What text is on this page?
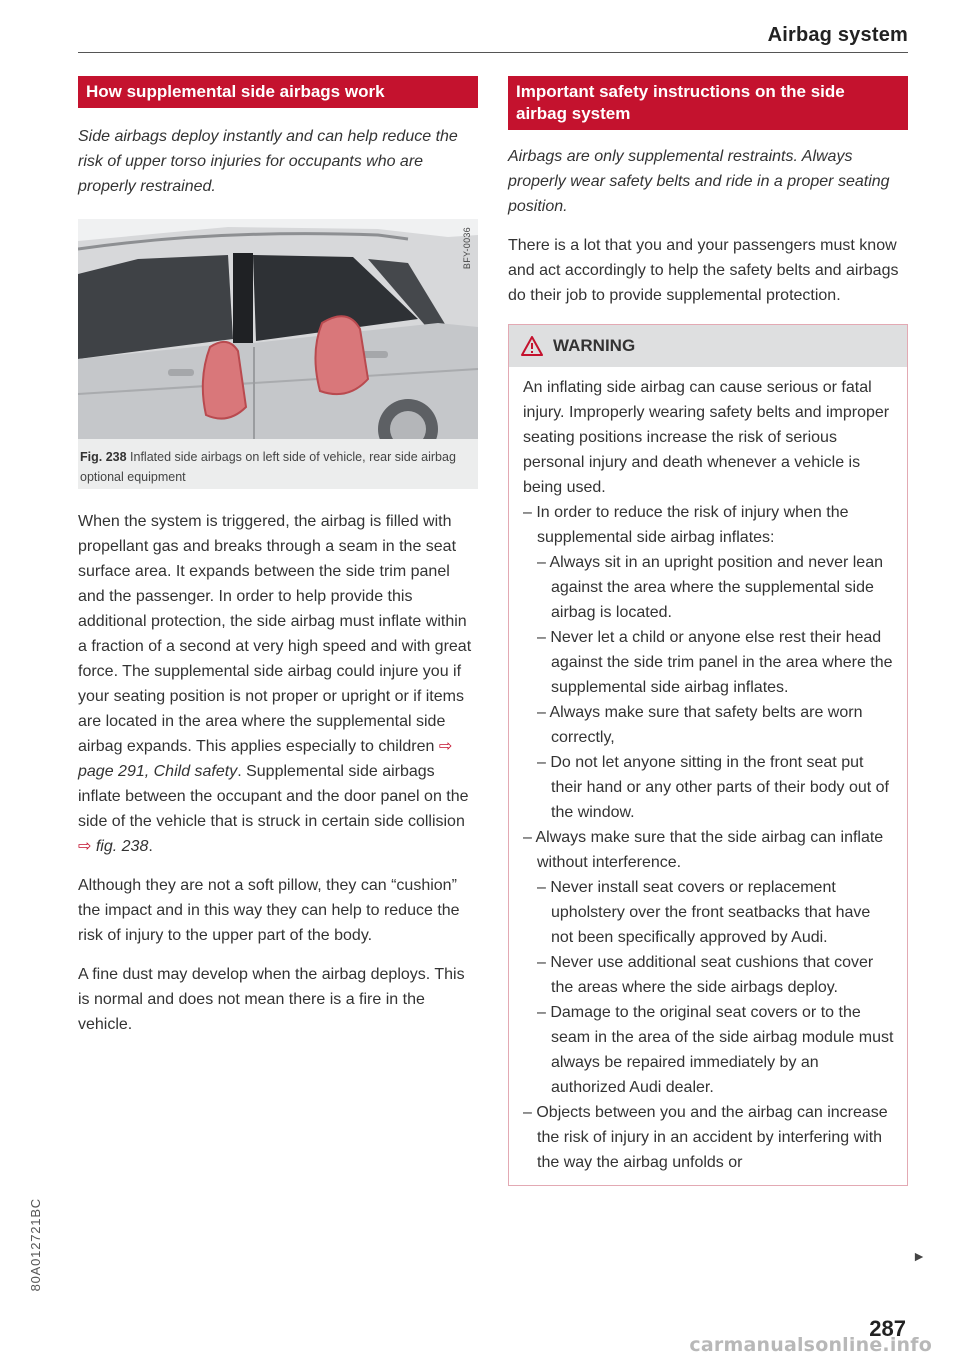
Airbag system
How supplemental side airbags work

Side airbags deploy instantly and can help reduce the risk of upper torso injuries for occupants who are properly restrained.

BFY-0036
Fig. 238 Inflated side airbags on left side of vehicle, rear side airbag optional equipment

When the system is triggered, the airbag is filled with propellant gas and breaks through a seam in the seat surface area. It expands between the side trim panel and the passenger. In order to help provide this additional protection, the side airbag must inflate within a fraction of a second at very high speed and with great force. The supplemental side airbag could injure you if your seating position is not proper or upright or if items are located in the area where the supplemental side airbag expands. This applies especially to children ⇨ page 291, Child safety. Supplemental side airbags inflate between the occupant and the door panel on the side of the vehicle that is struck in certain side collision ⇨ fig. 238.

Although they are not a soft pillow, they can “cushion” the impact and in this way they can help to reduce the risk of injury to the upper part of the body.

A fine dust may develop when the airbag deploys. This is normal and does not mean there is a fire in the vehicle.

Important safety instructions on the side airbag system

Airbags are only supplemental restraints. Always properly wear safety belts and ride in a proper seating position.

There is a lot that you and your passengers must know and act accordingly to help the safety belts and airbags do their job to provide supplemental protection.

WARNING

An inflating side airbag can cause serious or fatal injury. Improperly wearing safety belts and improper seating positions increase the risk of serious personal injury and death whenever a vehicle is being used.

– In order to reduce the risk of injury when the supplemental side airbag inflates:

– Always sit in an upright position and never lean against the area where the supplemental side airbag is located.

– Never let a child or anyone else rest their head against the side trim panel in the area where the supplemental side airbag inflates.

– Always make sure that safety belts are worn correctly,

– Do not let anyone sitting in the front seat put their hand or any other parts of their body out of the window.

– Always make sure that the side airbag can inflate without interference.

– Never install seat covers or replacement upholstery over the front seatbacks that have not been specifically approved by Audi.

– Never use additional seat cushions that cover the areas where the side airbags deploy.

– Damage to the original seat covers or to the seam in the area of the side airbag module must always be repaired immediately by an authorized Audi dealer.

– Objects between you and the airbag can increase the risk of injury in an accident by interfering with the way the airbag unfolds or

►
287
80A012721BC
carmanualsonline.info
